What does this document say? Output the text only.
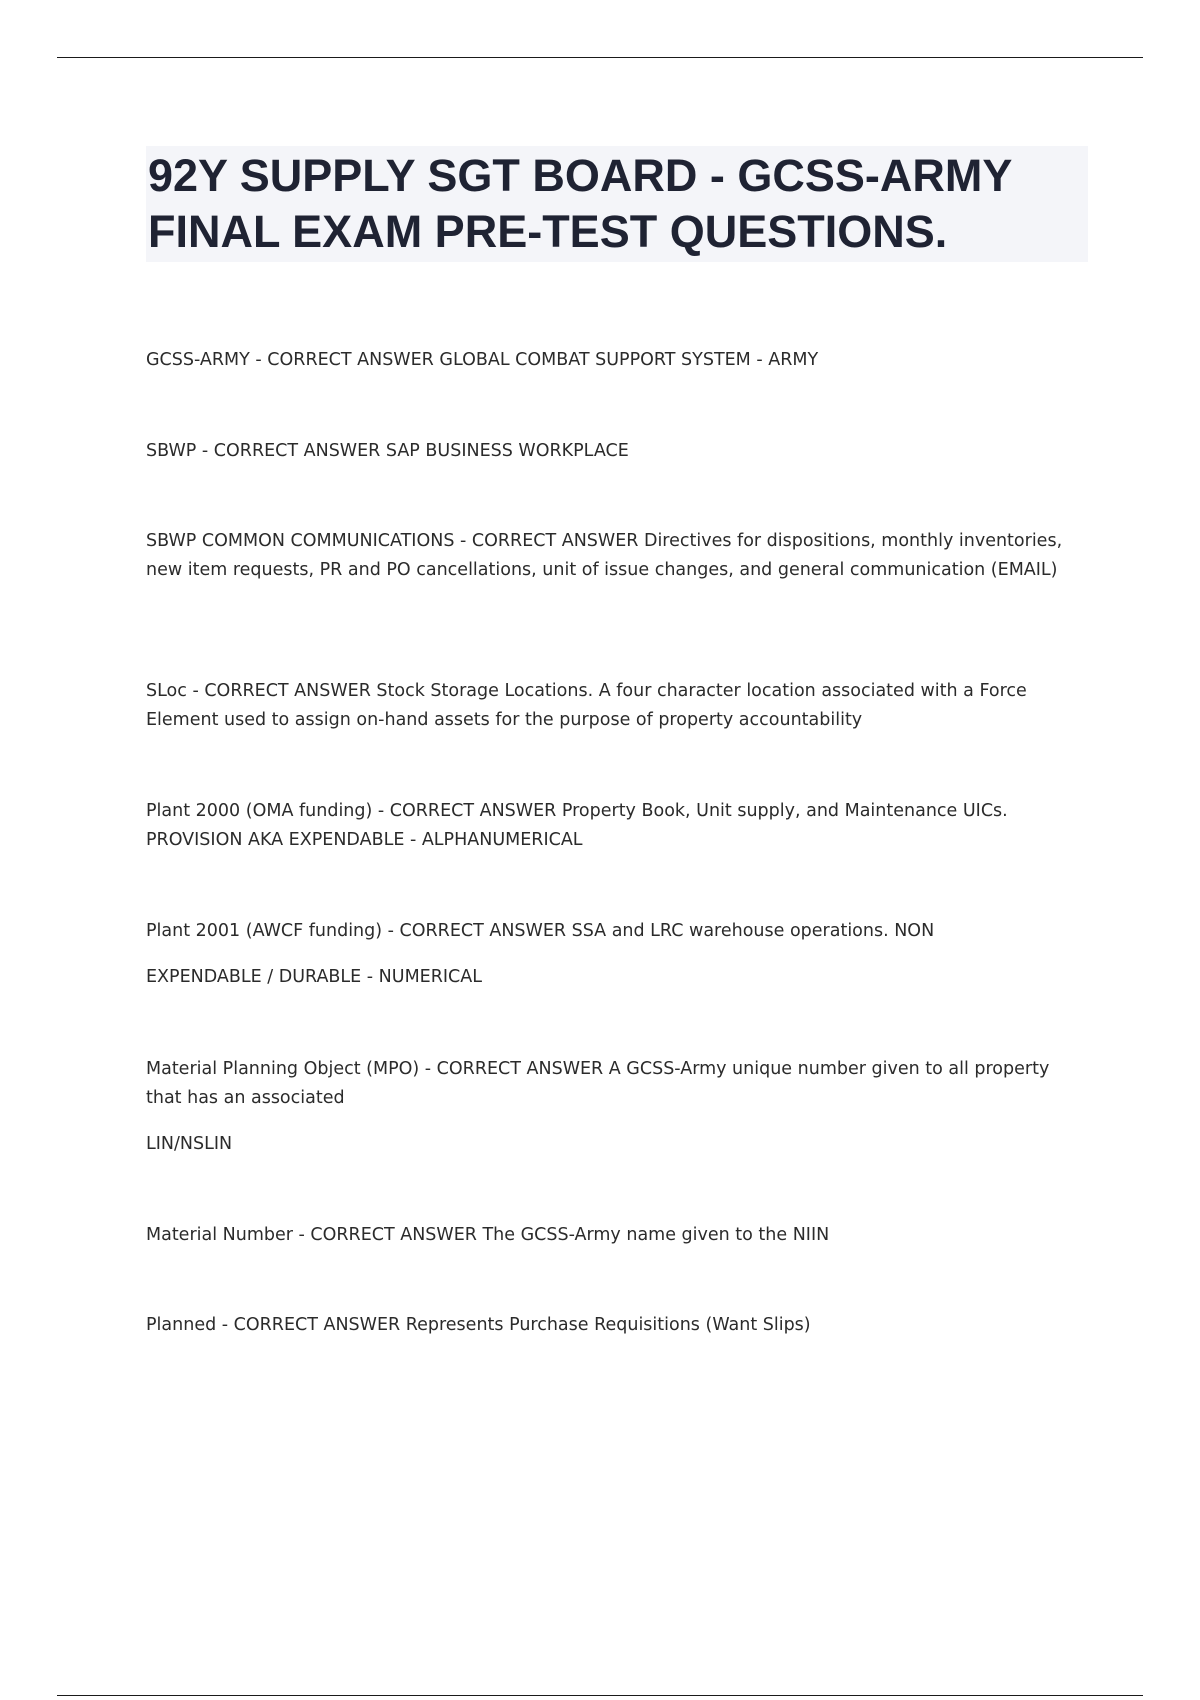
92Y SUPPLY SGT BOARD - GCSS-ARMY FINAL EXAM PRE-TEST QUESTIONS.
GCSS-ARMY - CORRECT ANSWER GLOBAL COMBAT SUPPORT SYSTEM - ARMY
SBWP - CORRECT ANSWER SAP BUSINESS WORKPLACE
SBWP COMMON COMMUNICATIONS - CORRECT ANSWER Directives for dispositions, monthly inventories, new item requests, PR and PO cancellations, unit of issue changes, and general communication (EMAIL)
SLoc - CORRECT ANSWER Stock Storage Locations. A four character location associated with a Force Element used to assign on-hand assets for the purpose of property accountability
Plant 2000 (OMA funding) - CORRECT ANSWER Property Book, Unit supply, and Maintenance UICs. PROVISION AKA EXPENDABLE - ALPHANUMERICAL
Plant 2001 (AWCF funding) - CORRECT ANSWER SSA and LRC warehouse operations. NON
EXPENDABLE / DURABLE - NUMERICAL
Material Planning Object (MPO) - CORRECT ANSWER A GCSS-Army unique number given to all property that has an associated
LIN/NSLIN
Material Number - CORRECT ANSWER The GCSS-Army name given to the NIIN
Planned - CORRECT ANSWER Represents Purchase Requisitions (Want Slips)
